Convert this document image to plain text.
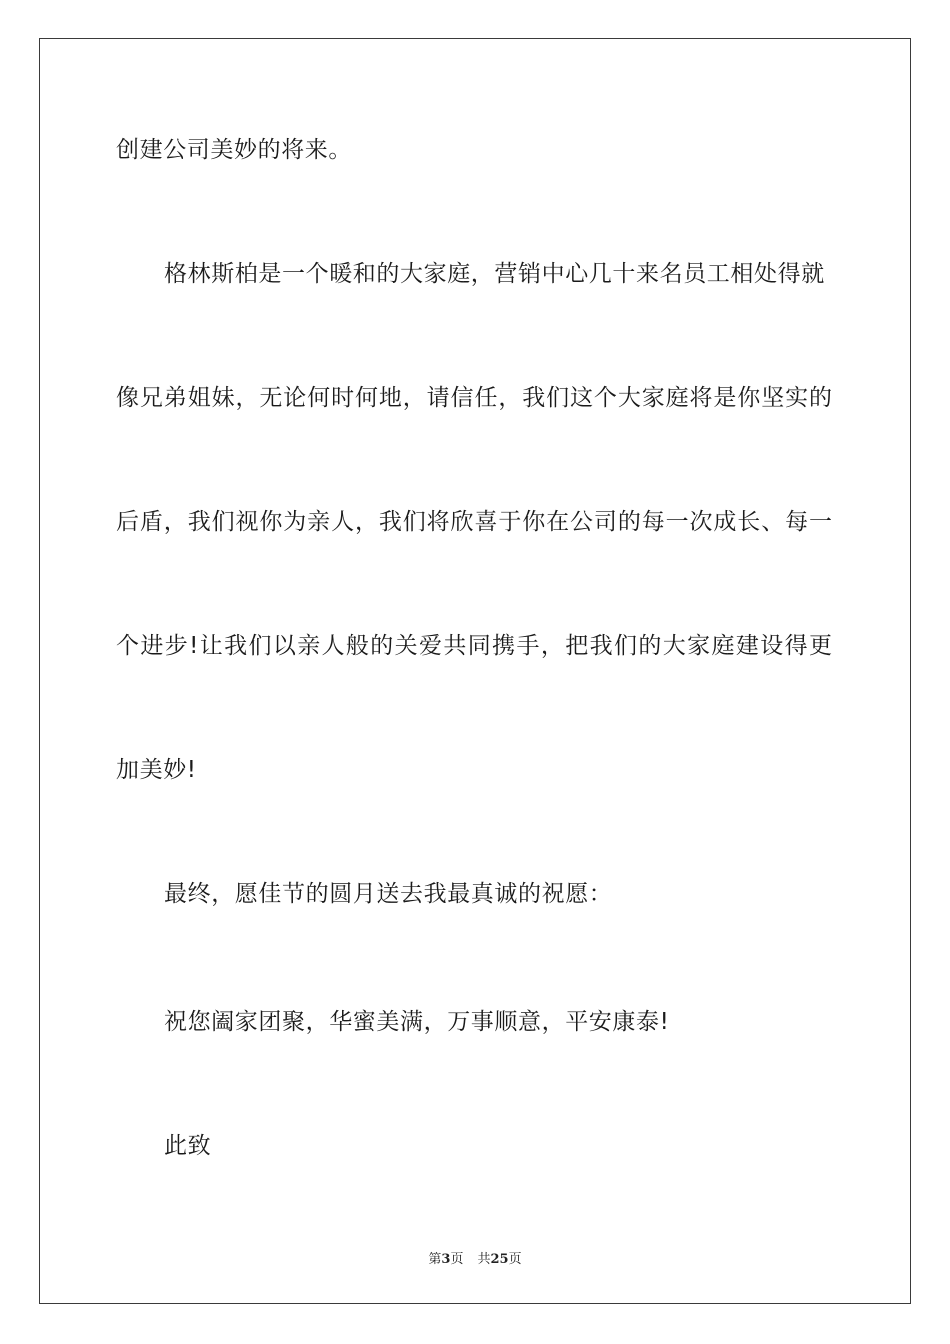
创建公司美妙的将来。
格林斯柏是一个暖和的大家庭，营销中心几十来名员工相处得就
像兄弟姐妹，无论何时何地，请信任，我们这个大家庭将是你坚实的
后盾，我们视你为亲人，我们将欣喜于你在公司的每一次成长、每一
个进步!让我们以亲人般的关爱共同携手，把我们的大家庭建设得更
加美妙!
最终，愿佳节的圆月送去我最真诚的祝愿：
祝您阖家团聚，华蜜美满，万事顺意，平安康泰!
此致
第3页 共25页
